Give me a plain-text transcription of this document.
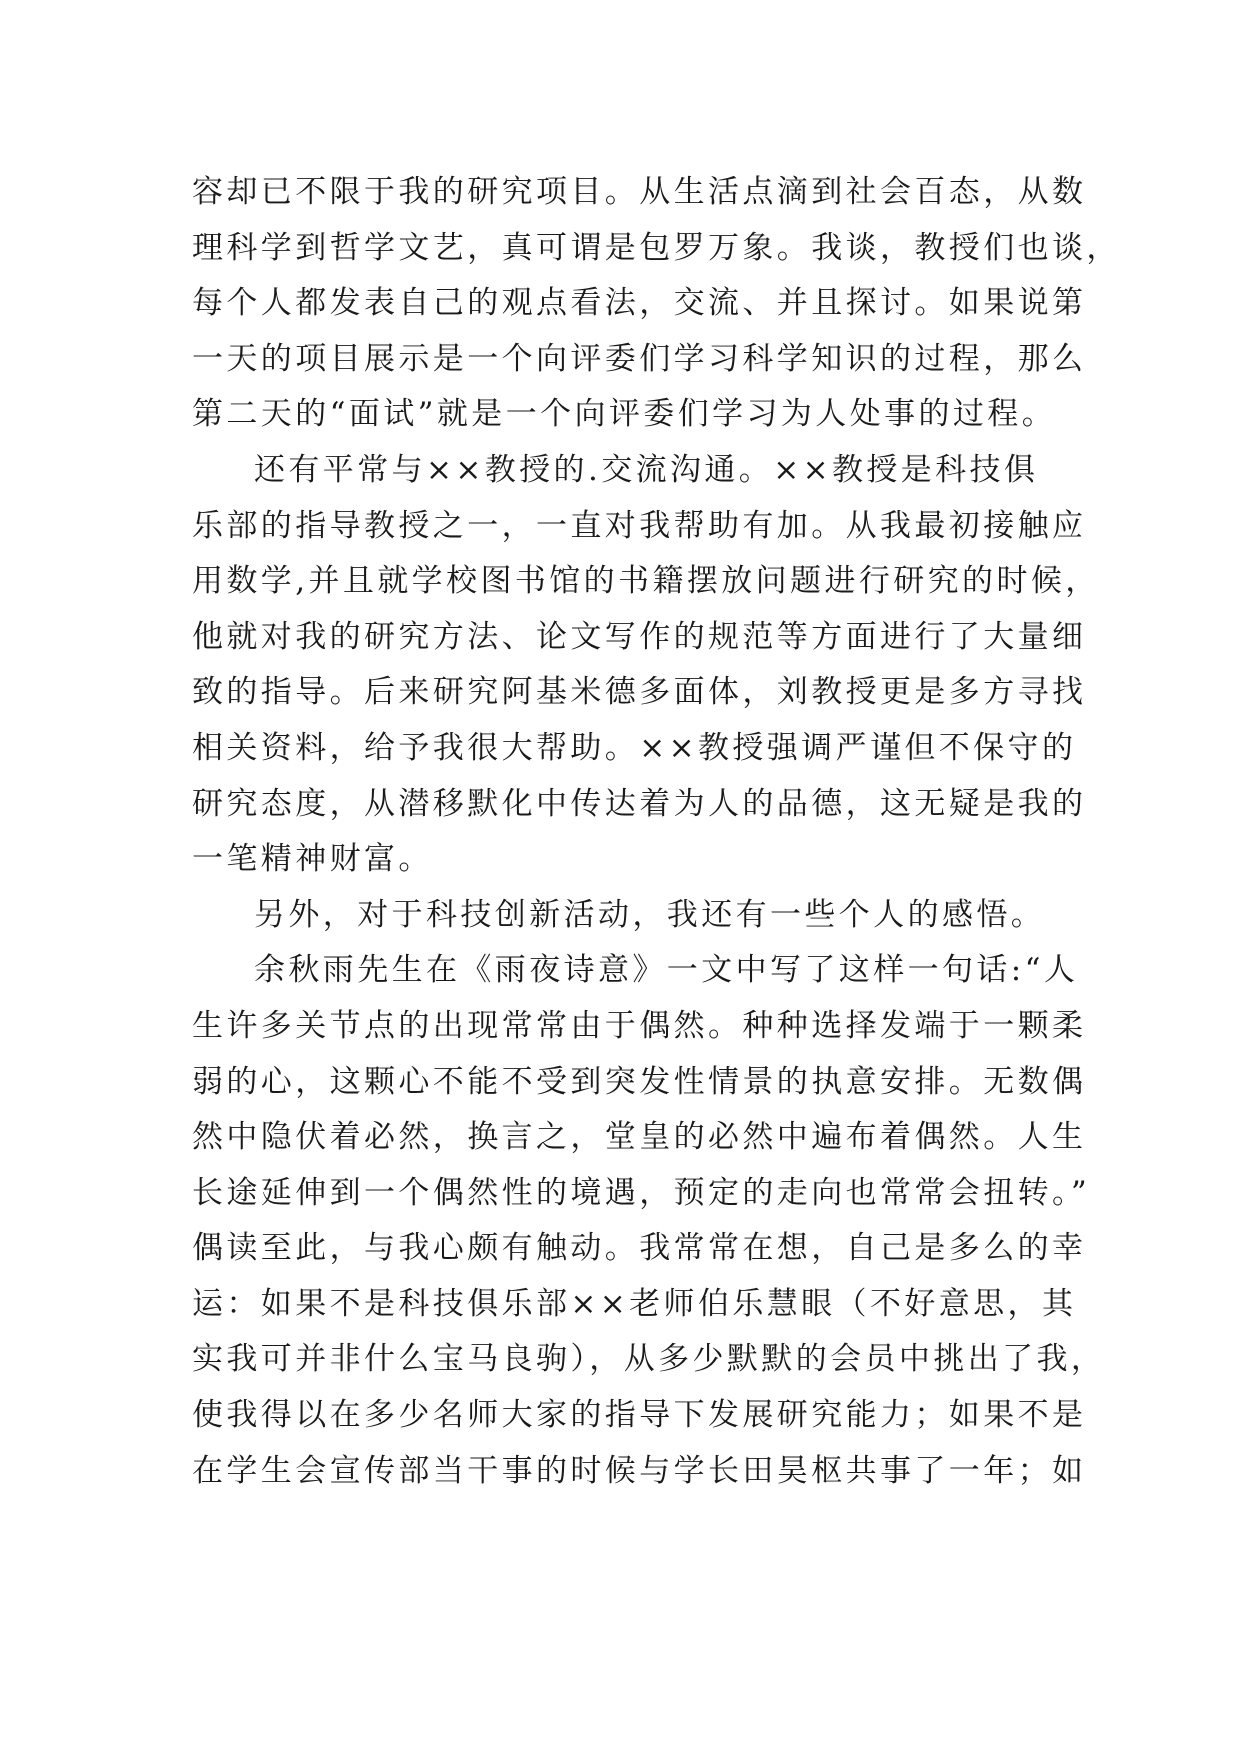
容却已不限于我的研究项目。从生活点滴到社会百态，从数
理科学到哲学文艺，真可谓是包罗万象。我谈，教授们也谈，
每个人都发表自己的观点看法，交流、并且探讨。如果说第
一天的项目展示是一个向评委们学习科学知识的过程，那么
第二天的“面试”就是一个向评委们学习为人处事的过程。
还有平常与××教授的.交流沟通。××教授是科技俱
乐部的指导教授之一，一直对我帮助有加。从我最初接触应
用数学,并且就学校图书馆的书籍摆放问题进行研究的时候，
他就对我的研究方法、论文写作的规范等方面进行了大量细
致的指导。后来研究阿基米德多面体，刘教授更是多方寻找
相关资料，给予我很大帮助。××教授强调严谨但不保守的
研究态度，从潜移默化中传达着为人的品德，这无疑是我的
一笔精神财富。
另外，对于科技创新活动，我还有一些个人的感悟。
余秋雨先生在《雨夜诗意》一文中写了这样一句话:“人
生许多关节点的出现常常由于偶然。种种选择发端于一颗柔
弱的心，这颗心不能不受到突发性情景的执意安排。无数偶
然中隐伏着必然，换言之，堂皇的必然中遍布着偶然。人生
长途延伸到一个偶然性的境遇，预定的走向也常常会扭转。”
偶读至此，与我心颇有触动。我常常在想，自己是多么的幸
运：如果不是科技俱乐部××老师伯乐慧眼（不好意思，其
实我可并非什么宝马良驹），从多少默默的会员中挑出了我，
使我得以在多少名师大家的指导下发展研究能力；如果不是
在学生会宣传部当干事的时候与学长田昊枢共事了一年；如
